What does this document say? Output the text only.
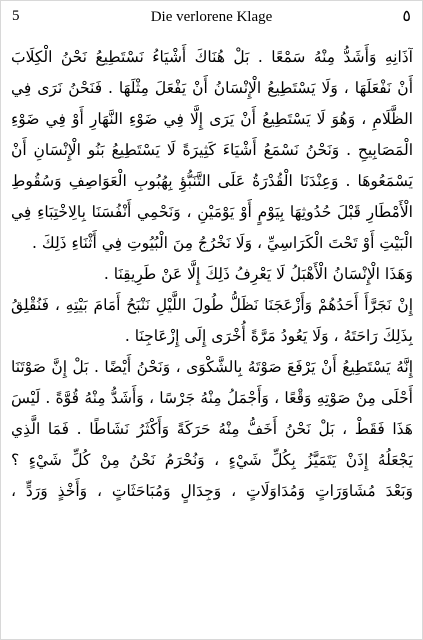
5	Die verlorene Klage	٥
آذَانِهِ وَأَشَدُّ مِنْهُ سَمْعًا . بَلْ هُنَاكَ أَشْيَاءُ نَسْتَطِيعُ نَحْنُ الْكِلَابَ
أَنْ نَفْعَلَهَا ، وَلَا يَسْتَطِيعُ الْإِنْسَانُ أَنْ يَفْعَلَ مِثْلَهَا . فَنَحْنُ نَرَى فِي
الظَّلَامِ ، وَهُوَ لَا يَسْتَطِيعُ أَنْ يَرَى إِلَّا فِي ضَوْءِ النَّهَارِ أَوْ فِي ضَوْءِ
الْمَصَابِيحِ . وَنَحْنُ نَسْمَعُ أَشْيَاءَ كَثِيرَةً لَا يَسْتَطِيعُ بَنُو الْإِنْسَانِ أَنْ
يَسْمَعُوهَا . وَعِنْدَنَا الْقُدْرَةُ عَلَى التَّنَبُّؤِ بِهُبُوبِ الْعَوَاصِفِ وَسُقُوطِ
الْأَمْطَارِ قَبْلَ حُدُوثِهَا بِيَوْمٍ أَوْ يَوْمَيْنِ ، وَنَحْمِي أَنْفُسَنَا بِالِاخْتِبَاءِ فِي
الْبَيْتِ أَوْ تَحْتَ الْكَرَاسِيِّ ، وَلَا نَخْرُجُ مِنَ الْبُيُوتِ فِي أَثْنَاءِ ذَلِكَ .
وَهَذَا الْإِنْسَانُ الْأَهْبَلُ لَا يَعْرِفُ ذَلِكَ إِلَّا عَنْ طَرِيقِنَا .
إِنْ نَجَرَّأَ أَحَدُهُمْ وَأَزْعَجَنَا نَظَلُّ طُولَ اللَّيْلِ نَنْبَحُ أَمَامَ بَيْتِهِ ، فَنُقْلِقُ
بِذَلِكَ رَاحَتَهُ ، وَلَا يَعُودُ مَرَّةً أُخْرَى إِلَى إِزْعَاجِنَا .
إِنَّهُ يَسْتَطِيعُ أَنْ يَرْفَعَ صَوْتَهُ بِالشَّكْوَى ، وَنَحْنُ أَيْضًا . بَلْ إِنَّ صَوْتَنَا
أَحْلَى مِنْ صَوْتِهِ وَقْعًا ، وَأَجْمَلُ مِنْهُ جَرْسًا ، وَأَشَدُّ مِنْهُ قُوَّةً . لَيْسَ
هَذَا فَقَطْ ، بَلْ نَحْنُ أَخَفُّ مِنْهُ حَرَكَةً وَأَكْثَرُ نَشَاطًا . فَمَا الَّذِي
يَجْعَلُهُ إِذَنْ يَتَمَيَّزُ بِكُلِّ شَيْءٍ ، وَنُحْرَمُ نَحْنُ مِنْ كُلِّ شَيْءٍ ؟
وَبَعْدَ مُشَاوَرَاتٍ وَمُدَاوَلَاتٍ ، وَجِدَالٍ وَمُبَاحَثَاتٍ ، وَأَخْذٍ وَرَدٍّ ،
